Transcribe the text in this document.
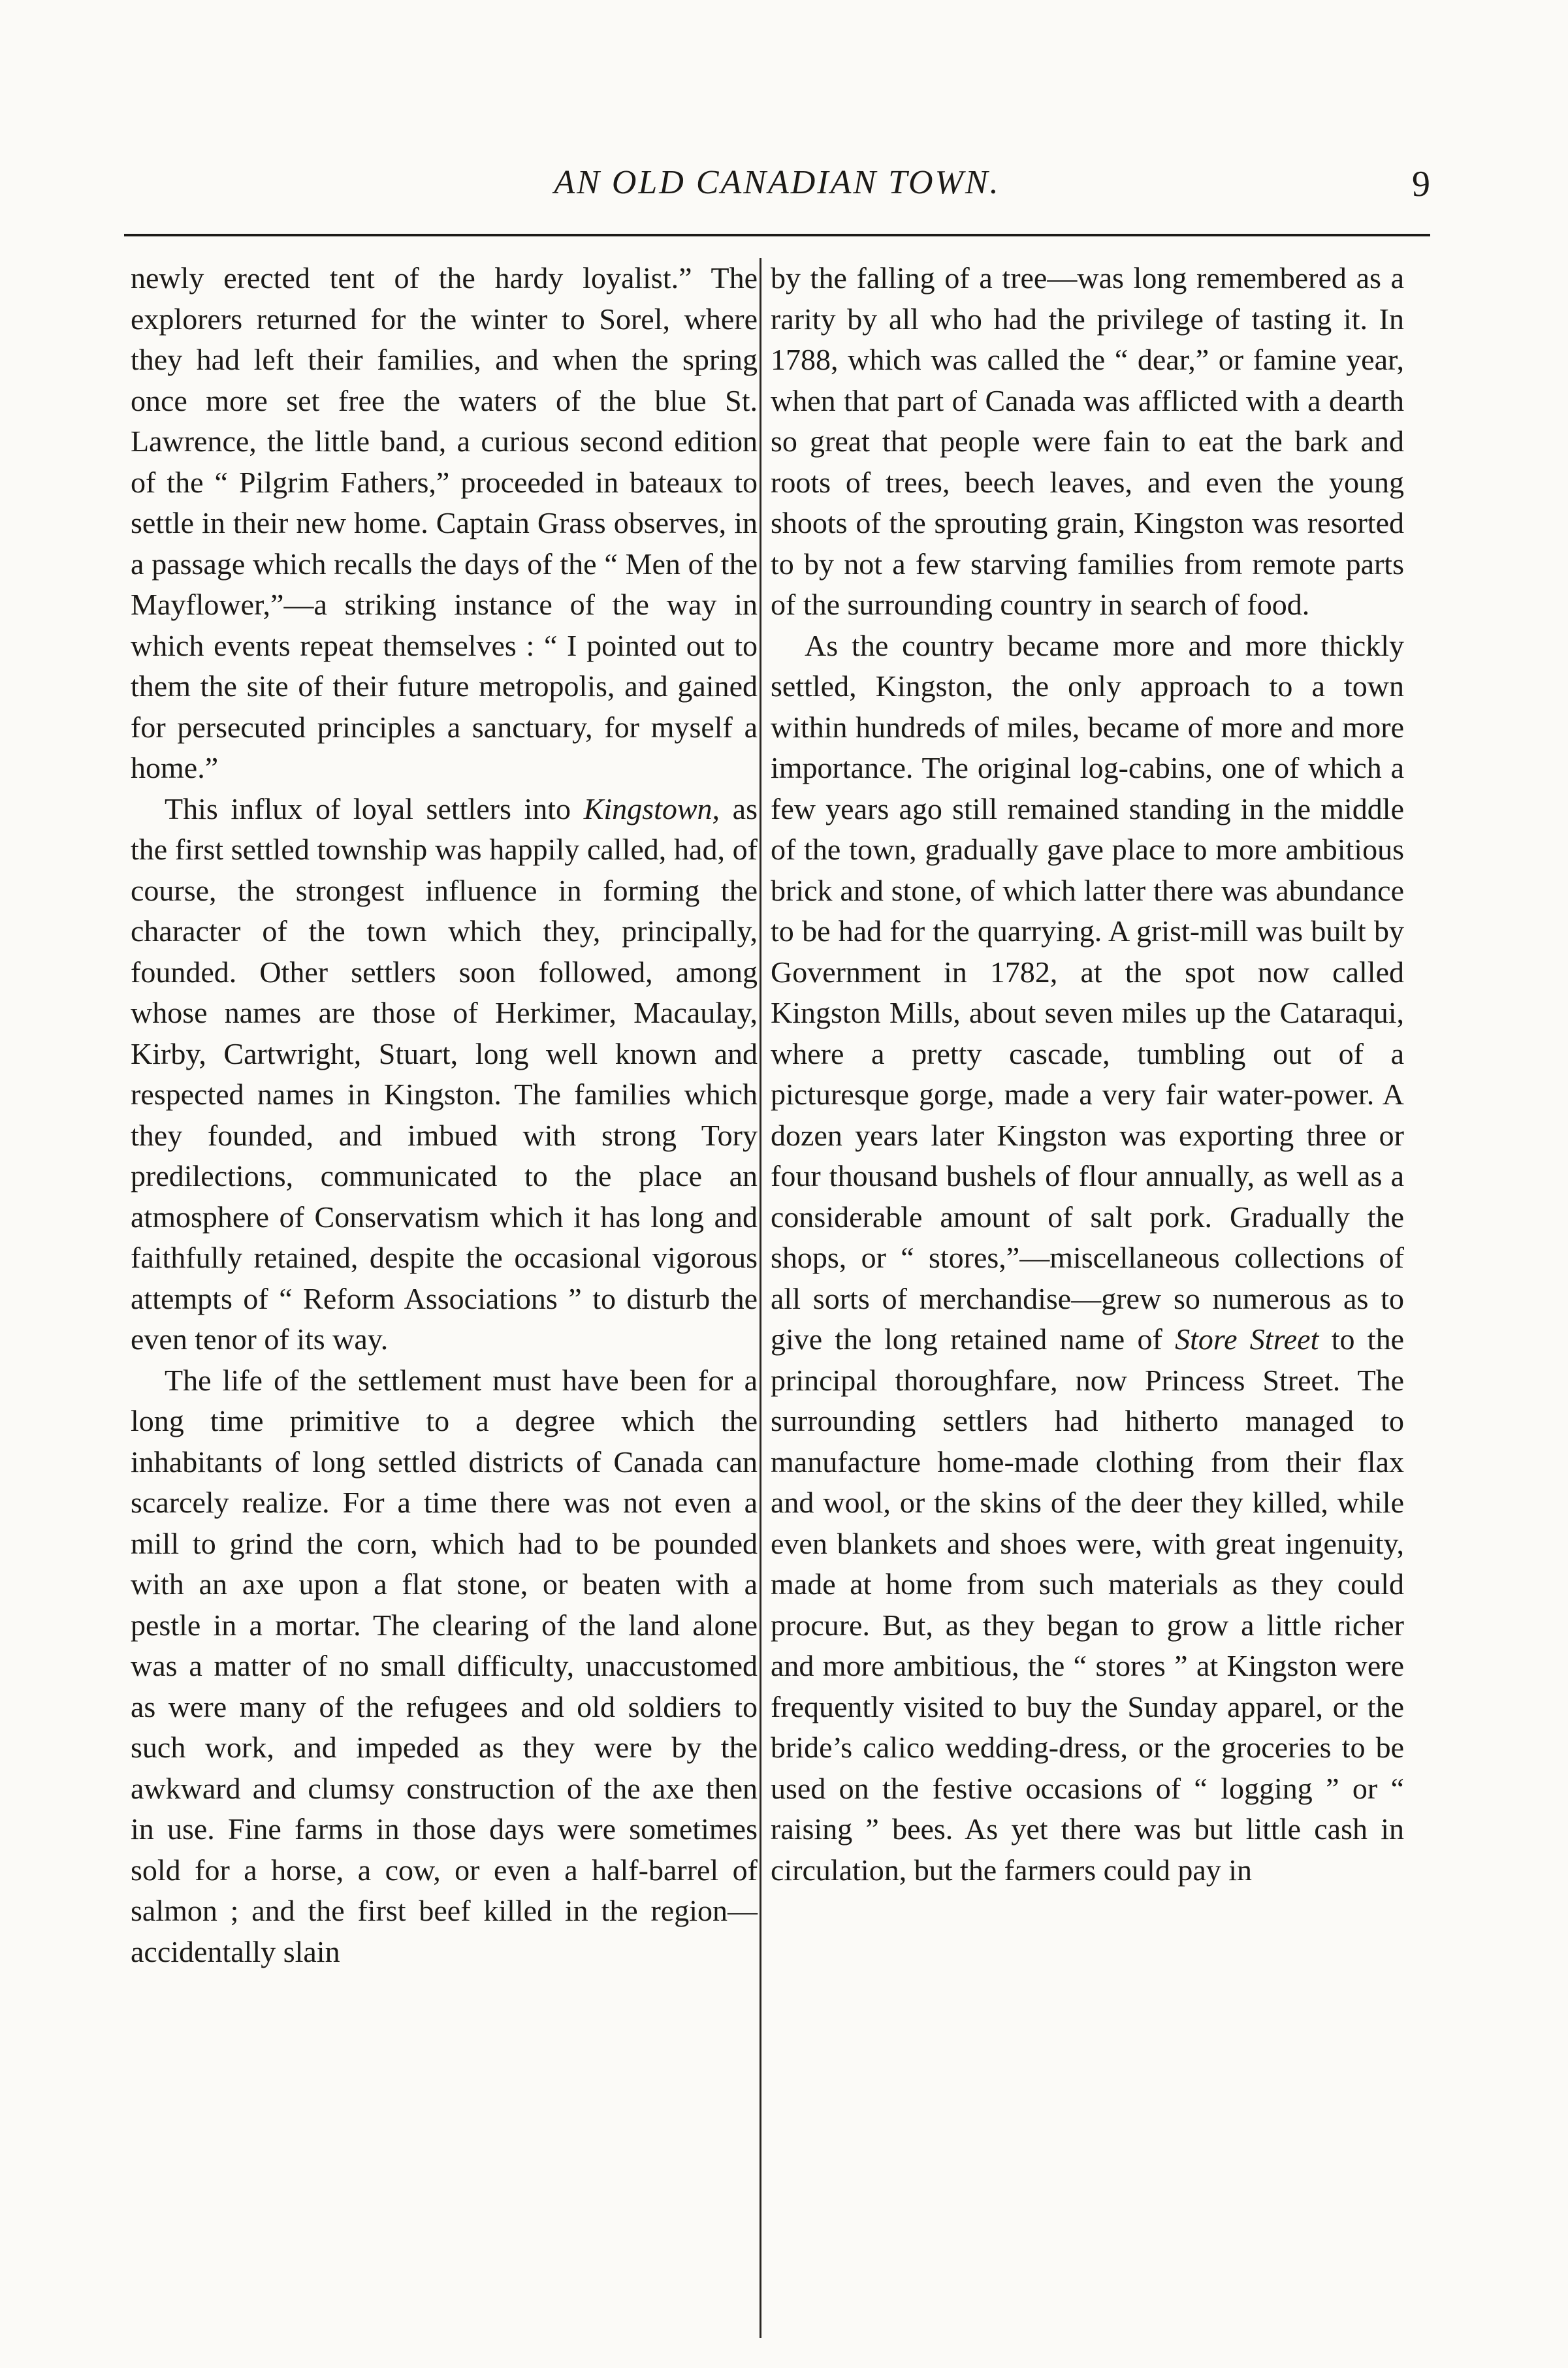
AN OLD CANADIAN TOWN.	9

newly erected tent of the hardy loyalist.” The explorers returned for the winter to Sorel, where they had left their families, and when the spring once more set free the waters of the blue St. Lawrence, the little band, a curious second edition of the “ Pilgrim Fathers,” proceeded in bateaux to settle in their new home. Captain Grass observes, in a passage which recalls the days of the “ Men of the Mayflower,”—a striking instance of the way in which events repeat themselves : “ I pointed out to them the site of their future metropolis, and gained for persecuted principles a sanctuary, for myself a home.”

This influx of loyal settlers into Kingstown, as the first settled township was happily called, had, of course, the strongest influence in forming the character of the town which they, principally, founded. Other settlers soon followed, among whose names are those of Herkimer, Macaulay, Kirby, Cartwright, Stuart, long well known and respected names in Kingston. The families which they founded, and imbued with strong Tory predilections, communicated to the place an atmosphere of Conservatism which it has long and faithfully retained, despite the occasional vigorous attempts of “ Reform Associations ” to disturb the even tenor of its way.

The life of the settlement must have been for a long time primitive to a degree which the inhabitants of long settled districts of Canada can scarcely realize. For a time there was not even a mill to grind the corn, which had to be pounded with an axe upon a flat stone, or beaten with a pestle in a mortar. The clearing of the land alone was a matter of no small difficulty, unaccustomed as were many of the refugees and old soldiers to such work, and impeded as they were by the awkward and clumsy construction of the axe then in use. Fine farms in those days were sometimes sold for a horse, a cow, or even a half-barrel of salmon ; and the first beef killed in the region—accidentally slain

by the falling of a tree—was long remembered as a rarity by all who had the privilege of tasting it. In 1788, which was called the “ dear,” or famine year, when that part of Canada was afflicted with a dearth so great that people were fain to eat the bark and roots of trees, beech leaves, and even the young shoots of the sprouting grain, Kingston was resorted to by not a few starving families from remote parts of the surrounding country in search of food.

As the country became more and more thickly settled, Kingston, the only approach to a town within hundreds of miles, became of more and more importance. The original log-cabins, one of which a few years ago still remained standing in the middle of the town, gradually gave place to more ambitious brick and stone, of which latter there was abundance to be had for the quarrying. A grist-mill was built by Government in 1782, at the spot now called Kingston Mills, about seven miles up the Cataraqui, where a pretty cascade, tumbling out of a picturesque gorge, made a very fair water-power. A dozen years later Kingston was exporting three or four thousand bushels of flour annually, as well as a considerable amount of salt pork. Gradually the shops, or “ stores,”—miscellaneous collections of all sorts of merchandise—grew so numerous as to give the long retained name of Store Street to the principal thoroughfare, now Princess Street. The surrounding settlers had hitherto managed to manufacture home-made clothing from their flax and wool, or the skins of the deer they killed, while even blankets and shoes were, with great ingenuity, made at home from such materials as they could procure. But, as they began to grow a little richer and more ambitious, the “ stores ” at Kingston were frequently visited to buy the Sunday apparel, or the bride’s calico wedding-dress, or the groceries to be used on the festive occasions of “ logging ” or “ raising ” bees. As yet there was but little cash in circulation, but the farmers could pay in
